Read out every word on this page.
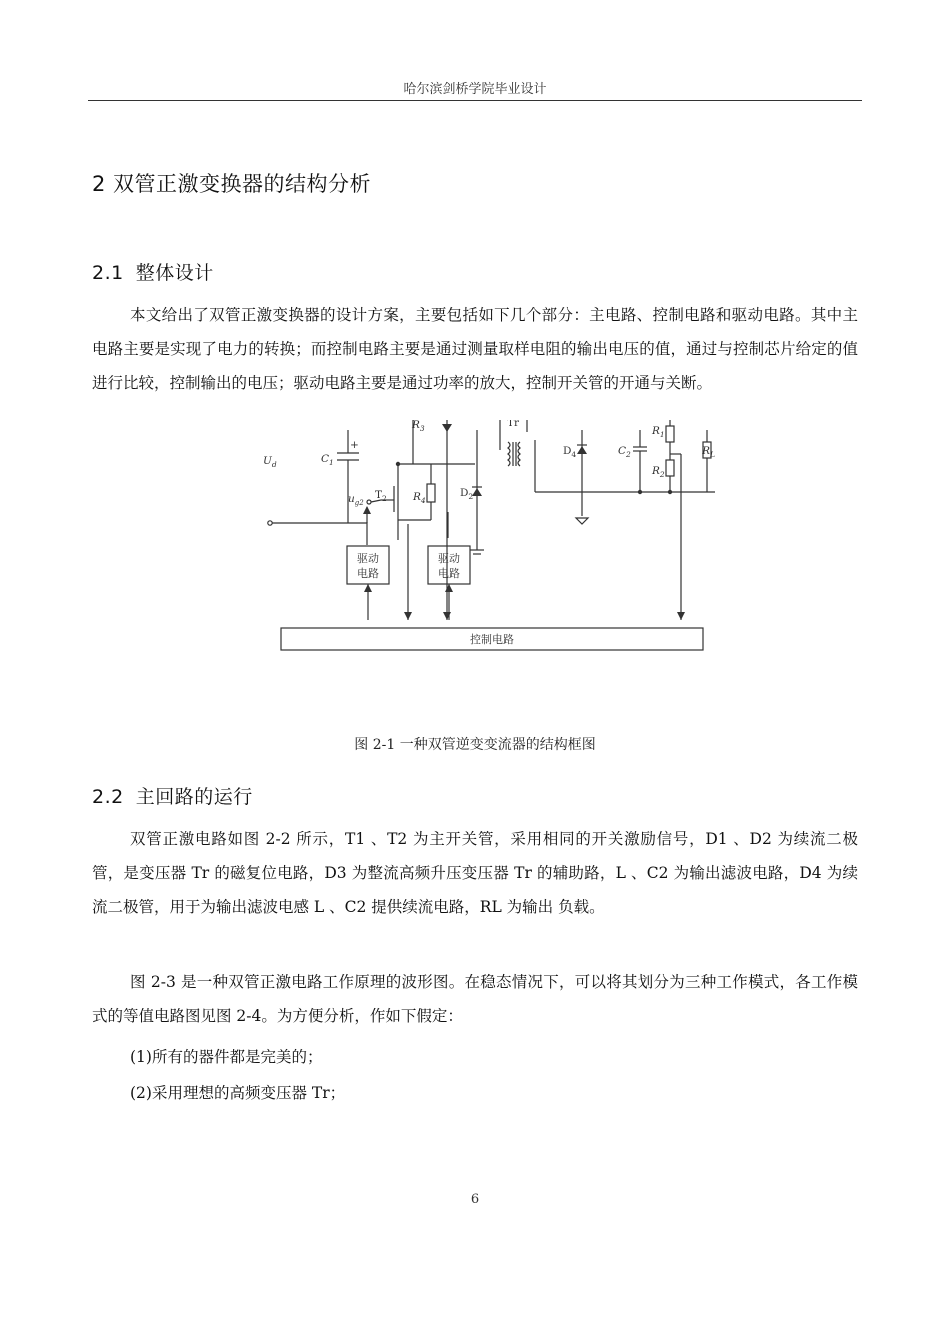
哈尔滨剑桥学院毕业设计
2 双管正激变换器的结构分析
2.1 整体设计

本文给出了双管正激变换器的设计方案，主要包括如下几个部分：主电路、控制电路和驱动电路。其中主电路主要是实现了电力的转换；而控制电路主要是通过测量取样电阻的输出电压的值，通过与控制芯片给定的值进行比较，控制输出的电压；驱动电路主要是通过功率的放大，控制开关管的开通与关断。

$U_d$	$C_1$
+
$u_{g2}$
$T_2$
$R_3$
$R_4$
$D_2$
Tr
$D_4$	$C_2$
$R_1$
$R_2$
$R_L$
驱动
电路
驱动
电路
控制电路
图 2-1 一种双管逆变变流器的结构框图
2.2 主回路的运行

双管正激电路如图 2-2 所示，T1 、T2 为主开关管，采用相同的开关激励信号，D1 、D2 为续流二极管，是变压器 Tr 的磁复位电路，D3 为整流高频升压变压器 Tr 的辅助路，L 、C2 为输出滤波电路，D4 为续流二极管，用于为输出滤波电感 L 、C2 提供续流电路，RL 为输出 负载。

图 2-3 是一种双管正激电路工作原理的波形图。在稳态情况下，可以将其划分为三种工作模式，各工作模式的等值电路图见图 2-4。为方便分析，作如下假定：

(1)所有的器件都是完美的；
(2)采用理想的高频变压器 Tr；
6
